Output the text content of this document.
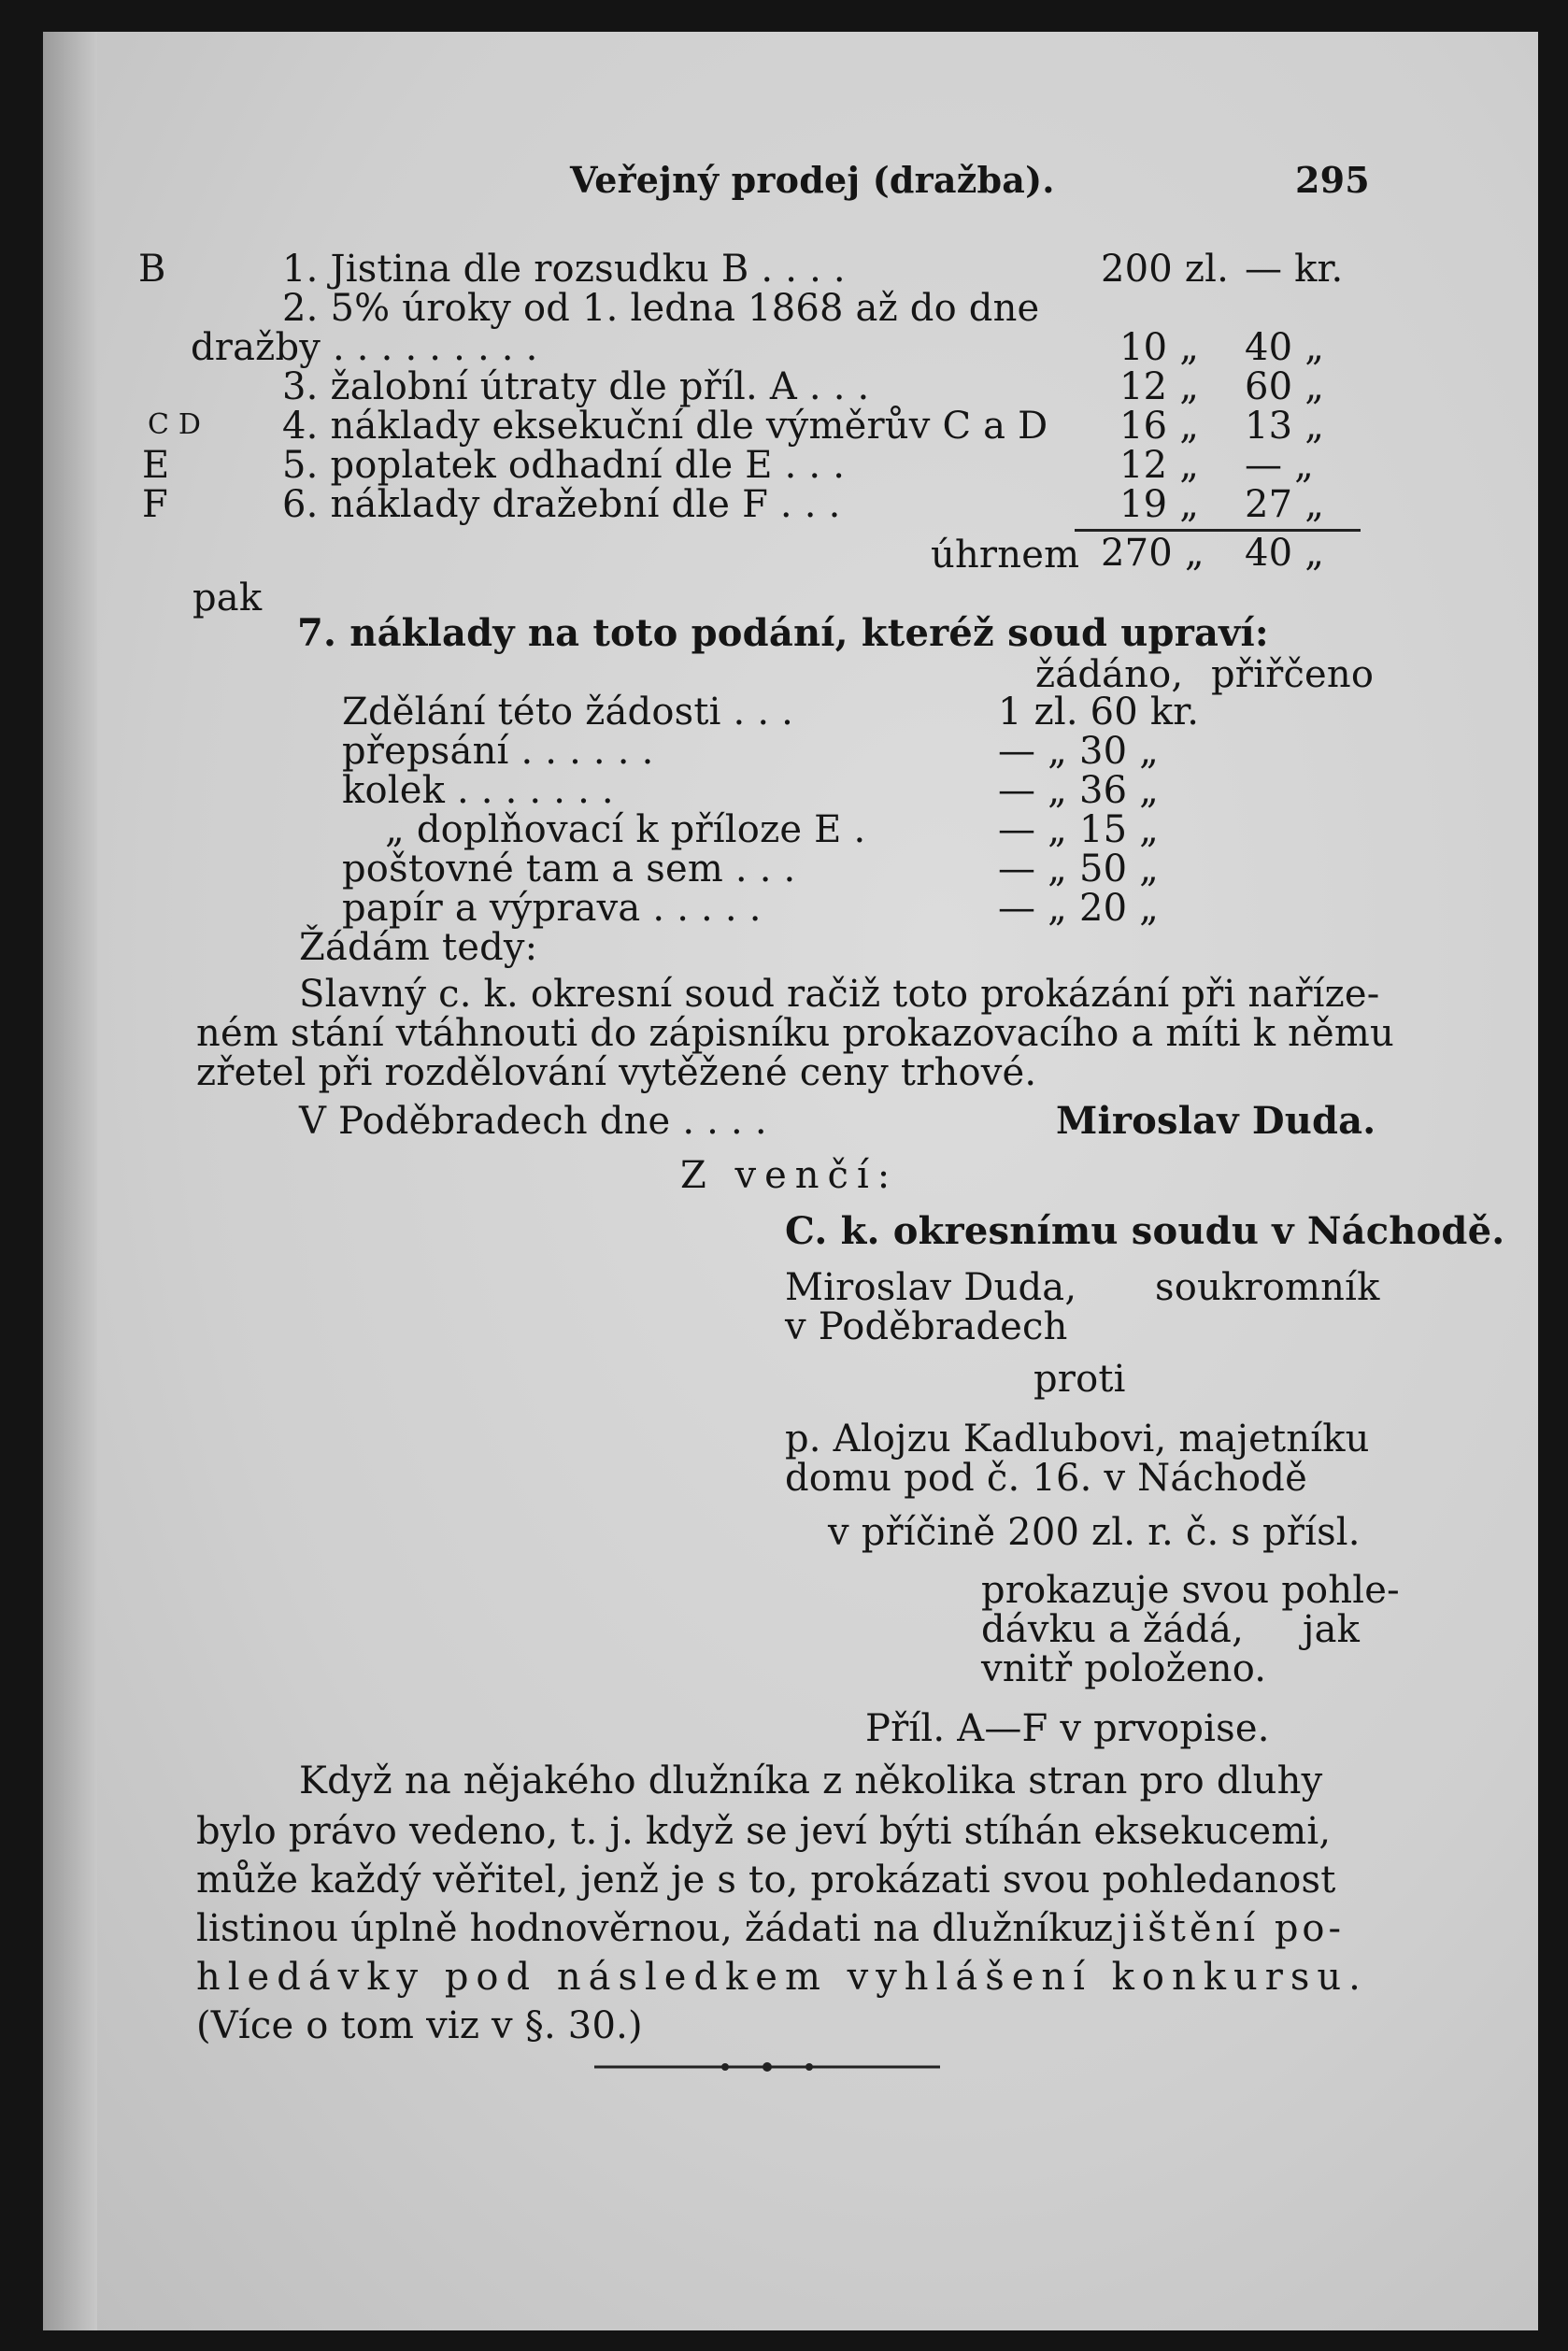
Veřejný prodej (dražba).	295
B	1. Jistina dle rozsudku B . . . .	200 zl. — kr.
2. 5% úroky od 1. ledna 1868 až do dne
dražby . . . . . . . . .	10 „ 40 „
3. žalobní útraty dle příl. A . . .	12 „ 60 „
C D 4. náklady eksekuční dle výměrův C a D 16 „ 13 „
E	5. poplatek odhadní dle E . . .	12 „ — „
F	6. náklady dražební dle F . . .	19 „ 27 „
úhrnem 270 „ 40 „
pak
7. náklady na toto podání, kteréž soud upraví:
žádáno, přiřčeno
Zdělání této žádosti . . .	1 zl. 60 kr.
přepsání . . . . . .	— „ 30 „
kolek . . . . . . .	— „ 36 „
„ doplňovací k příloze E .	— „ 15 „
poštovné tam a sem . . .	— „ 50 „
papír a výprava . . . . .	— „ 20 „
Žádám tedy:
Slavný c. k. okresní soud račiž toto prokázání při naříze-
ném stání vtáhnouti do zápisníku prokazovacího a míti k němu
zřetel při rozdělování vytěžené ceny trhové.
V Poděbradech dne . . . .	Miroslav Duda.
Z venčí:
C. k. okresnímu soudu v Náchodě.
Miroslav Duda, soukromník
v Poděbradech
proti
p. Alojzu Kadlubovi, majetníku
domu pod č. 16. v Náchodě
v příčině 200 zl. r. č. s přísl.
prokazuje svou pohle-
dávku a žádá, jak
vnitř položeno.
Příl. A—F v prvopise.
Když na nějakého dlužníka z několika stran pro dluhy
bylo právo vedeno, t. j. když se jeví býti stíhán eksekucemi,
může každý věřitel, jenž je s to, prokázati svou pohledanost
listinou úplně hodnověrnou, žádati na dlužníku
zjištění po-
hledávky pod následkem vyhlášení konkursu.
(Více o tom viz v §. 30.)
